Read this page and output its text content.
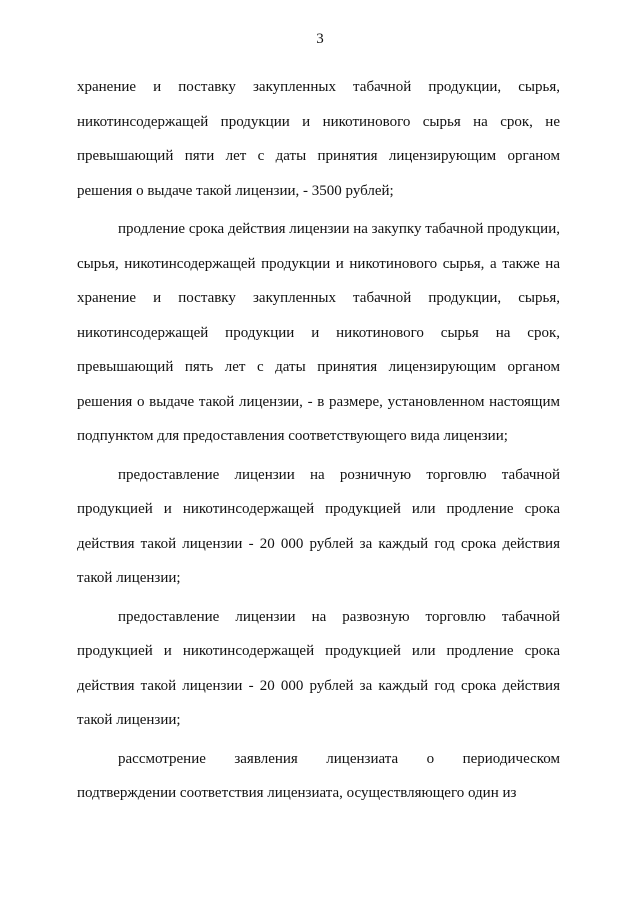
3

хранение и поставку закупленных табачной продукции, сырья, никотинсодержащей продукции и никотинового сырья на срок, не превышающий пяти лет с даты принятия лицензирующим органом решения о выдаче такой лицензии, - 3500 рублей;

продление срока действия лицензии на закупку табачной продукции, сырья, никотинсодержащей продукции и никотинового сырья, а также на хранение и поставку закупленных табачной продукции, сырья, никотинсодержащей продукции и никотинового сырья на срок, превышающий пять лет с даты принятия лицензирующим органом решения о выдаче такой лицензии, - в размере, установленном настоящим подпунктом для предоставления соответствующего вида лицензии;

предоставление лицензии на розничную торговлю табачной продукцией и никотинсодержащей продукцией или продление срока действия такой лицензии - 20 000 рублей за каждый год срока действия такой лицензии;

предоставление лицензии на развозную торговлю табачной продукцией и никотинсодержащей продукцией или продление срока действия такой лицензии - 20 000 рублей за каждый год срока действия такой лицензии;

рассмотрение заявления лицензиата о периодическом подтверждении соответствия лицензиата, осуществляющего один из
